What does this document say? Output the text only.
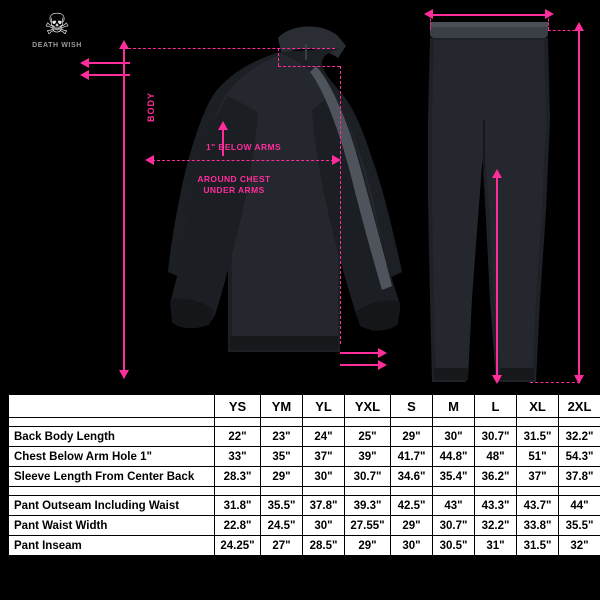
☠
DEATH WISH
BODY
1" BELOW ARMS
AROUND CHEST
UNDER ARMS
	YS	YM	YL	YXL	S	M	L	XL	2XL

Back Body Length	22"	23"	24"	25"	29"	30"	30.7"	31.5"	32.2"
Chest Below Arm Hole 1"	33"	35"	37"	39"	41.7"	44.8"	48"	51"	54.3"
Sleeve Length From Center Back	28.3"	29"	30"	30.7"	34.6"	35.4"	36.2"	37"	37.8"

Pant Outseam Including Waist	31.8"	35.5"	37.8"	39.3"	42.5"	43"	43.3"	43.7"	44"
Pant Waist Width	22.8"	24.5"	30"	27.55"	29"	30.7"	32.2"	33.8"	35.5"
Pant Inseam	24.25"	27"	28.5"	29"	30"	30.5"	31"	31.5"	32"
